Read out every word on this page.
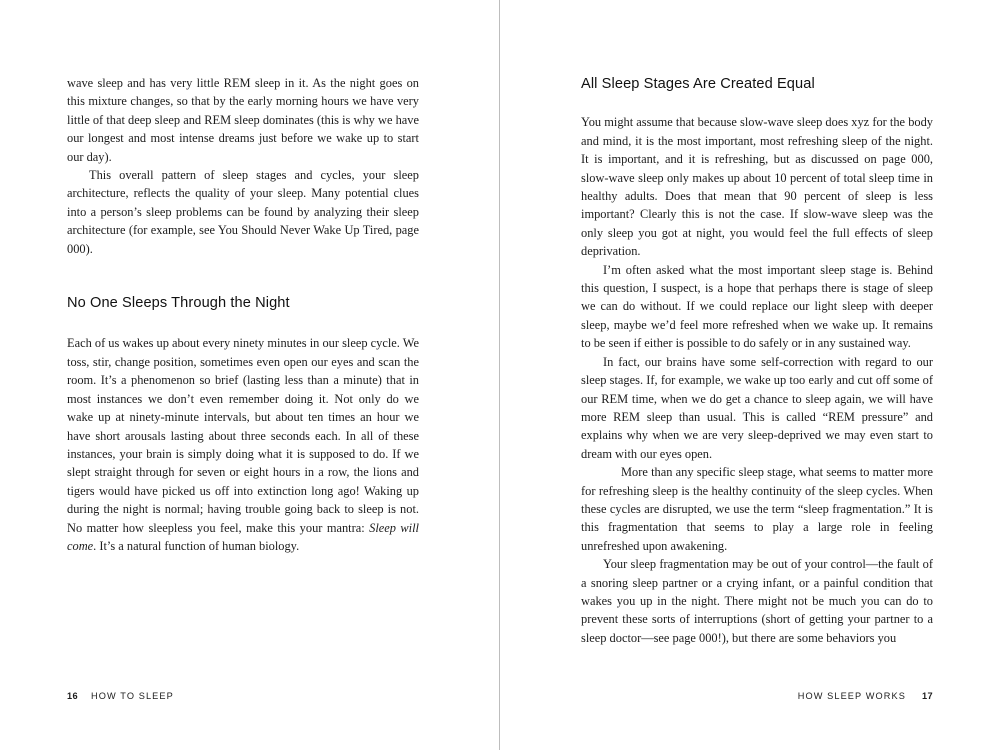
wave sleep and has very little REM sleep in it. As the night goes on this mixture changes, so that by the early morning hours we have very little of that deep sleep and REM sleep dominates (this is why we have our longest and most intense dreams just before we wake up to start our day).

This overall pattern of sleep stages and cycles, your sleep architecture, reflects the quality of your sleep. Many potential clues into a person’s sleep problems can be found by analyzing their sleep architecture (for example, see You Should Never Wake Up Tired, page 000).

No One Sleeps Through the Night

Each of us wakes up about every ninety minutes in our sleep cycle. We toss, stir, change position, sometimes even open our eyes and scan the room. It’s a phenomenon so brief (lasting less than a minute) that in most instances we don’t even remember doing it. Not only do we wake up at ninety-minute intervals, but about ten times an hour we have short arousals lasting about three seconds each. In all of these instances, your brain is simply doing what it is supposed to do. If we slept straight through for seven or eight hours in a row, the lions and tigers would have picked us off into extinction long ago! Waking up during the night is normal; having trouble going back to sleep is not. No matter how sleepless you feel, make this your mantra: Sleep will come. It’s a natural function of human biology.

16 HOW TO SLEEP
All Sleep Stages Are Created Equal

You might assume that because slow-wave sleep does xyz for the body and mind, it is the most important, most refreshing sleep of the night. It is important, and it is refreshing, but as discussed on page 000, slow-wave sleep only makes up about 10 percent of total sleep time in healthy adults. Does that mean that 90 percent of sleep is less important? Clearly this is not the case. If slow-wave sleep was the only sleep you got at night, you would feel the full effects of sleep deprivation.

I’m often asked what the most important sleep stage is. Behind this question, I suspect, is a hope that perhaps there is stage of sleep we can do without. If we could replace our light sleep with deeper sleep, maybe we’d feel more refreshed when we wake up. It remains to be seen if either is possible to do safely or in any sustained way.

In fact, our brains have some self-correction with regard to our sleep stages. If, for example, we wake up too early and cut off some of our REM time, when we do get a chance to sleep again, we will have more REM sleep than usual. This is called “REM pressure” and explains why when we are very sleep-deprived we may even start to dream with our eyes open.

More than any specific sleep stage, what seems to matter more for refreshing sleep is the healthy continuity of the sleep cycles. When these cycles are disrupted, we use the term “sleep fragmentation.” It is this fragmentation that seems to play a large role in feeling unrefreshed upon awakening.

Your sleep fragmentation may be out of your control—the fault of a snoring sleep partner or a crying infant, or a painful condition that wakes you up in the night. There might not be much you can do to prevent these sorts of interruptions (short of getting your partner to a sleep doctor—see page 000!), but there are some behaviors you

HOW SLEEP WORKS 17
